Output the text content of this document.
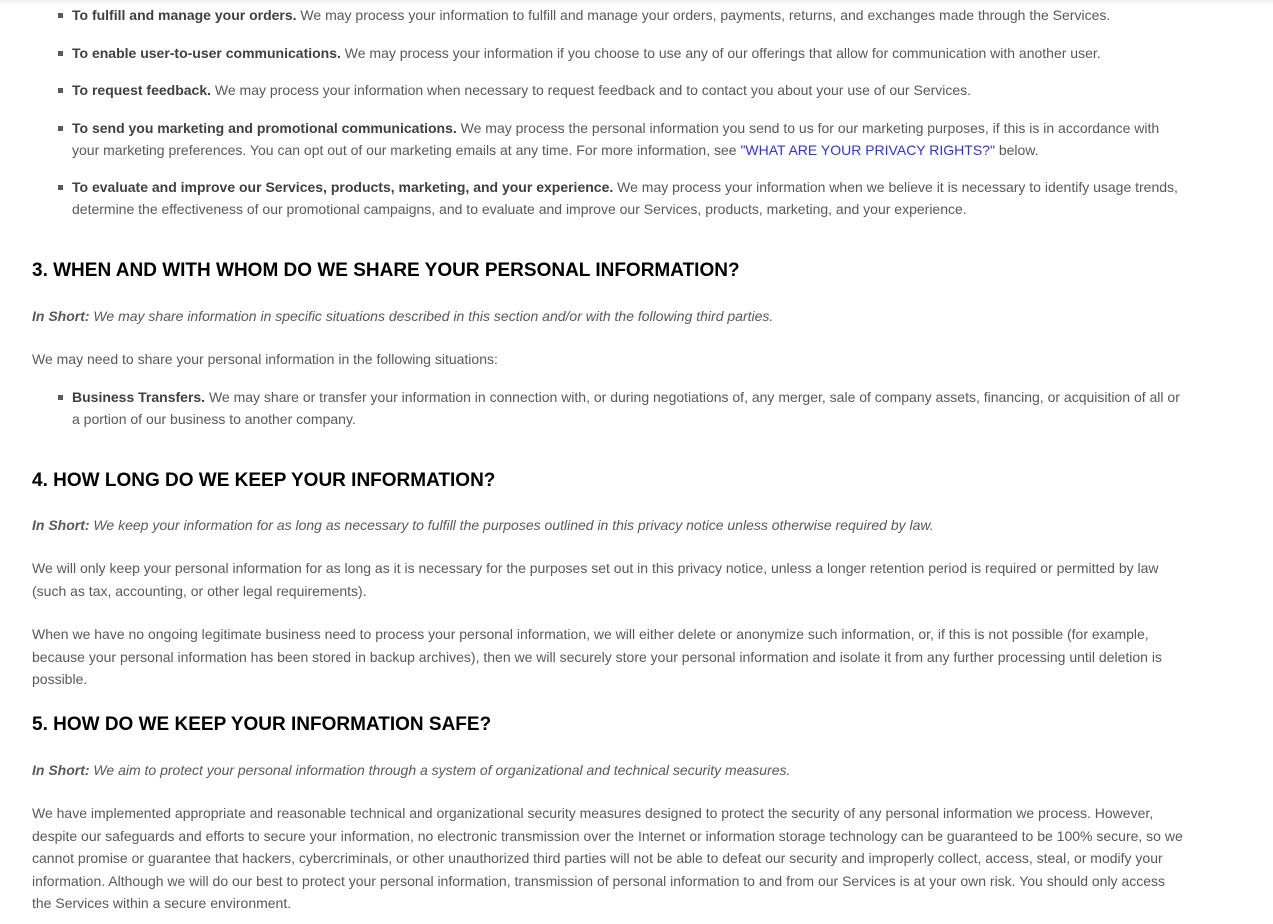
To fulfill and manage your orders. We may process your information to fulfill and manage your orders, payments, returns, and exchanges made through the Services.
To enable user-to-user communications. We may process your information if you choose to use any of our offerings that allow for communication with another user.
To request feedback. We may process your information when necessary to request feedback and to contact you about your use of our Services.
To send you marketing and promotional communications. We may process the personal information you send to us for our marketing purposes, if this is in accordance with your marketing preferences. You can opt out of our marketing emails at any time. For more information, see "WHAT ARE YOUR PRIVACY RIGHTS?" below.
To evaluate and improve our Services, products, marketing, and your experience. We may process your information when we believe it is necessary to identify usage trends, determine the effectiveness of our promotional campaigns, and to evaluate and improve our Services, products, marketing, and your experience.
3. WHEN AND WITH WHOM DO WE SHARE YOUR PERSONAL INFORMATION?

In Short: We may share information in specific situations described in this section and/or with the following third parties.

We may need to share your personal information in the following situations:

Business Transfers. We may share or transfer your information in connection with, or during negotiations of, any merger, sale of company assets, financing, or acquisition of all or a portion of our business to another company.
4. HOW LONG DO WE KEEP YOUR INFORMATION?

In Short: We keep your information for as long as necessary to fulfill the purposes outlined in this privacy notice unless otherwise required by law.

We will only keep your personal information for as long as it is necessary for the purposes set out in this privacy notice, unless a longer retention period is required or permitted by law (such as tax, accounting, or other legal requirements).

When we have no ongoing legitimate business need to process your personal information, we will either delete or anonymize such information, or, if this is not possible (for example, because your personal information has been stored in backup archives), then we will securely store your personal information and isolate it from any further processing until deletion is possible.

5. HOW DO WE KEEP YOUR INFORMATION SAFE?

In Short: We aim to protect your personal information through a system of organizational and technical security measures.

We have implemented appropriate and reasonable technical and organizational security measures designed to protect the security of any personal information we process. However, despite our safeguards and efforts to secure your information, no electronic transmission over the Internet or information storage technology can be guaranteed to be 100% secure, so we cannot promise or guarantee that hackers, cybercriminals, or other unauthorized third parties will not be able to defeat our security and improperly collect, access, steal, or modify your information. Although we will do our best to protect your personal information, transmission of personal information to and from our Services is at your own risk. You should only access the Services within a secure environment.
